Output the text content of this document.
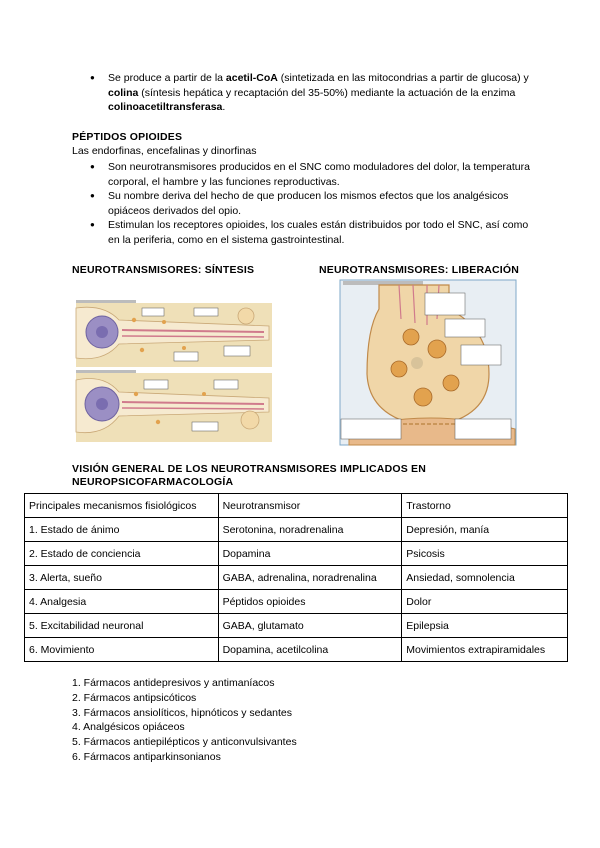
● Se produce a partir de la acetil-CoA (sintetizada en las mitocondrias a partir de glucosa) y colina (síntesis hepática y recaptación del 35-50%) mediante la actuación de la enzima colinoacetiltransferasa.
PÉPTIDOS OPIOIDES
Las endorfinas, encefalinas y dinorfinas
● Son neurotransmisores producidos en el SNC como moduladores del dolor, la temperatura corporal, el hambre y las funciones reproductivas.
● Su nombre deriva del hecho de que producen los mismos efectos que los analgésicos opiáceos derivados del opio.
● Estimulan los receptores opioides, los cuales están distribuidos por todo el SNC, así como en la periferia, como en el sistema gastrointestinal.
NEUROTRANSMISORES: SÍNTESIS	NEUROTRANSMISORES: LIBERACIÓN
VISIÓN GENERAL DE LOS NEUROTRANSMISORES IMPLICADOS EN
NEUROPSICOFARMACOLOGÍA
Principales mecanismos fisiológicos	Neurotransmisor	Trastorno
1. Estado de ánimo	Serotonina, noradrenalina	Depresión, manía
2. Estado de conciencia	Dopamina	Psicosis
3. Alerta, sueño	GABA, adrenalina, noradrenalina	Ansiedad, somnolencia
4. Analgesia	Péptidos opioides	Dolor
5. Excitabilidad neuronal	GABA, glutamato	Epilepsia
6. Movimiento	Dopamina, acetilcolina	Movimientos extrapiramidales
1. Fármacos antidepresivos y antimaníacos
2. Fármacos antipsicóticos
3. Fármacos ansiolíticos, hipnóticos y sedantes
4. Analgésicos opiáceos
5. Fármacos antiepilépticos y anticonvulsivantes
6. Fármacos antiparkinsonianos
